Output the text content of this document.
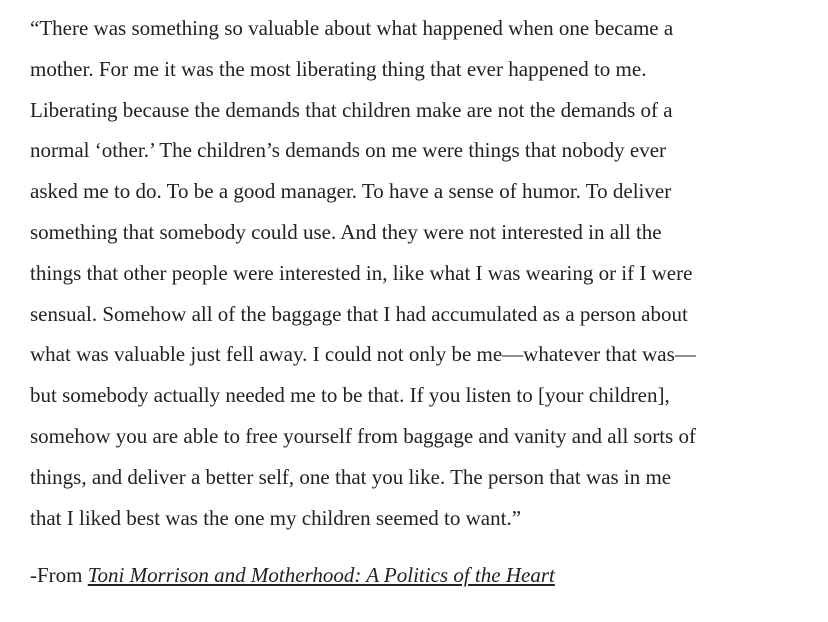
“There was something so valuable about what happened when one became a
mother. For me it was the most liberating thing that ever happened to me.
Liberating because the demands that children make are not the demands of a
normal ‘other.’ The children’s demands on me were things that nobody ever
asked me to do. To be a good manager. To have a sense of humor. To deliver
something that somebody could use. And they were not interested in all the
things that other people were interested in, like what I was wearing or if I were
sensual. Somehow all of the baggage that I had accumulated as a person about
what was valuable just fell away. I could not only be me—whatever that was—
but somebody actually needed me to be that. If you listen to [your children],
somehow you are able to free yourself from baggage and vanity and all sorts of
things, and deliver a better self, one that you like. The person that was in me
that I liked best was the one my children seemed to want.”

-From Toni Morrison and Motherhood: A Politics of the Heart
